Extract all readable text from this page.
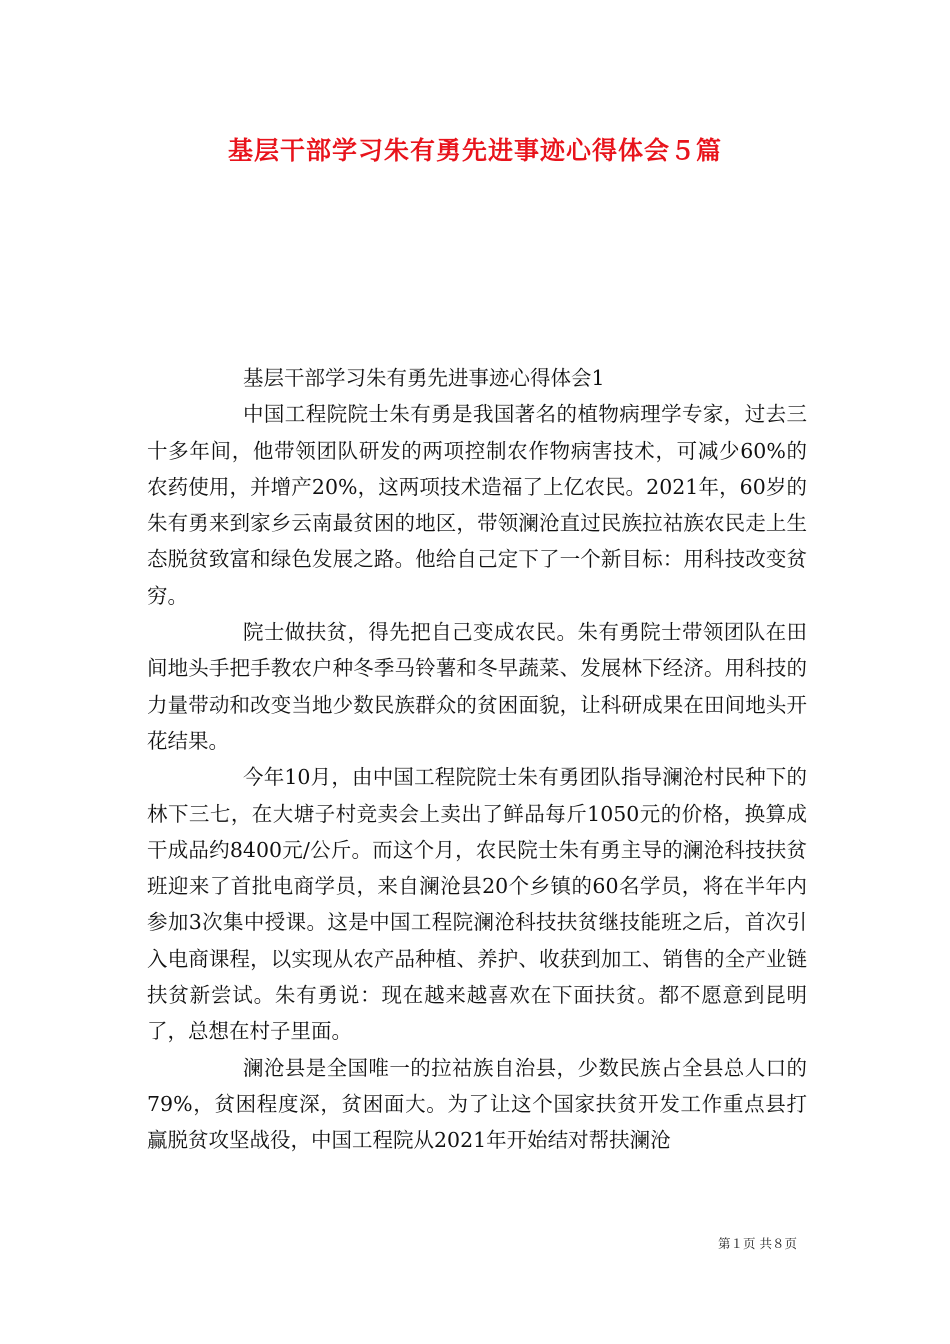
基层干部学习朱有勇先进事迹心得体会５篇

基层干部学习朱有勇先进事迹心得体会1

中国工程院院士朱有勇是我国著名的植物病理学专家，过去三十多年间，他带领团队研发的两项控制农作物病害技术，可减少60%的农药使用，并增产20%，这两项技术造福了上亿农民。2021年，60岁的朱有勇来到家乡云南最贫困的地区，带领澜沧直过民族拉祜族农民走上生态脱贫致富和绿色发展之路。他给自己定下了一个新目标：用科技改变贫穷。

院士做扶贫，得先把自己变成农民。朱有勇院士带领团队在田间地头手把手教农户种冬季马铃薯和冬早蔬菜、发展林下经济。用科技的力量带动和改变当地少数民族群众的贫困面貌，让科研成果在田间地头开花结果。

今年10月，由中国工程院院士朱有勇团队指导澜沧村民种下的林下三七，在大塘子村竞卖会上卖出了鲜品每斤1050元的价格，换算成干成品约8400元/公斤。而这个月，农民院士朱有勇主导的澜沧科技扶贫班迎来了首批电商学员，来自澜沧县20个乡镇的60名学员，将在半年内参加3次集中授课。这是中国工程院澜沧科技扶贫继技能班之后，首次引入电商课程，以实现从农产品种植、养护、收获到加工、销售的全产业链扶贫新尝试。朱有勇说：现在越来越喜欢在下面扶贫。都不愿意到昆明了，总想在村子里面。

澜沧县是全国唯一的拉祜族自治县，少数民族占全县总人口的79%，贫困程度深，贫困面大。为了让这个国家扶贫开发工作重点县打赢脱贫攻坚战役，中国工程院从2021年开始结对帮扶澜沧

第１页 共８页
